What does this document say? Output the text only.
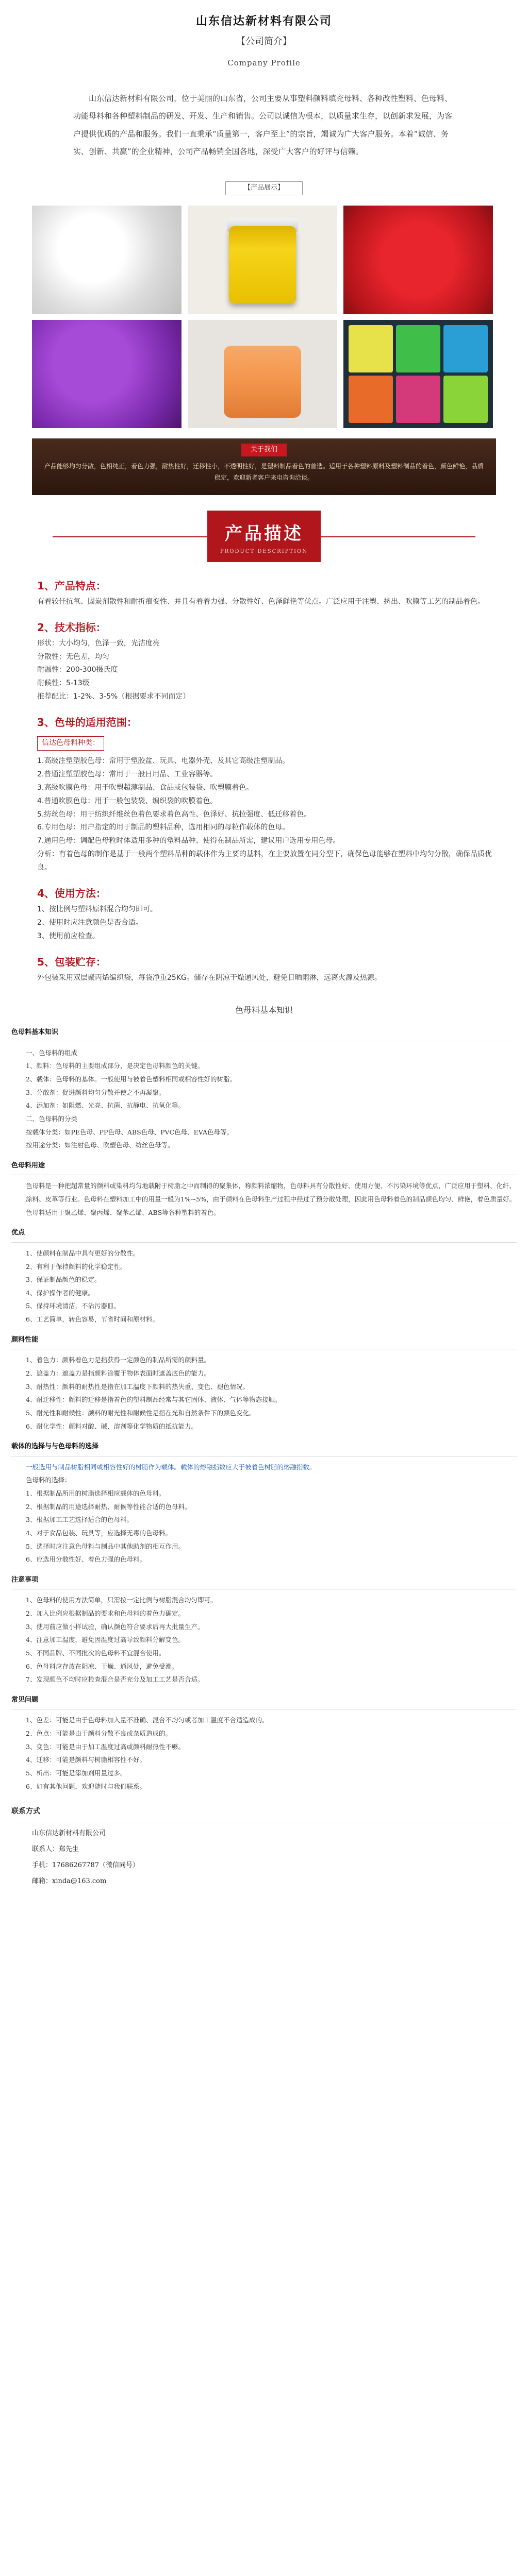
山东信达新材料有限公司
【公司简介】
Company Profile

山东信达新材料有限公司，位于美丽的山东省，公司主要从事塑料颜料填充母料、各种改性塑料、色母料、功能母料和各种塑料制品的研发、开发、生产和销售。公司以诚信为根本，以质量求生存，以创新求发展，为客户提供优质的产品和服务。我们一直秉承“质量第一，客户至上”的宗旨，竭诚为广大客户服务。本着“诚信、务实、创新、共赢”的企业精神，公司产品畅销全国各地，深受广大客户的好评与信赖。

【产品展示】
关于我们

产品能够均匀分散，色相纯正，着色力强，耐热性好，迁移性小，不透明性好，是塑料制品着色的首选。适用于各种塑料原料及塑料制品的着色，颜色鲜艳，品质稳定，欢迎新老客户来电咨询洽谈。

产品描述
PRODUCT DESCRIPTION
1、产品特点：

有着较佳抗氧、固炭剂散性和耐折痕变性、并且有着着力强、分散性好、色泽鲜艳等优点。广泛应用于注塑、挤出、吹膜等工艺的制品着色。

2、技术指标：

形状：大小均匀，色泽一致，光洁度亮

分散性：无色差，均匀

耐温性：200-300摄氏度

耐候性：5-13级

推荐配比：1-2%、3-5%（根据要求不同而定）

3、色母的适用范围：
信达色母料种类：

1.高级注塑塑胶色母：常用于塑胶盆、玩具、电器外壳、及其它高级注塑制品。

2.普通注塑塑胶色母：常用于一般日用品、工业容器等。

3.高级吹膜色母：用于吹塑超薄制品、食品或包装袋、吹塑膜着色。

4.普通吹膜色母：用于一般包装袋、编织袋的吹膜着色。

5.纺丝色母：用于纺织纤维丝色着色要求着色高性、色泽好、抗拉强度、低迁移着色。

6.专用色母：用户指定的用于制品的塑料品种，选用相同的母粒作载体的色母。

7.通用色母：调配色母粒时体适用多种的塑料品种、使得在制品所需，建议用户选用专用色母。

分析：有着色母的制作是基于一般两个塑料品种的载体作为主要的基料，在主要放置在同分型下，确保色母能够在塑料中均匀分散，确保品质优良。

4、使用方法：

1、按比例与塑料原料混合均匀即可。

2、使用时应注意颜色是否合适。

3、使用前应检查。

5、包装贮存：

外包装采用双层聚丙烯编织袋，每袋净重25KG。储存在阴凉干燥通风处，避免日晒雨淋，远离火源及热源。

色母料基本知识
色母料基本知识

一、色母料的组成

1、颜料：色母料的主要组成部分，是决定色母料颜色的关键。

2、载体：色母料的基体。一般使用与被着色塑料相同或相容性好的树脂。

3、分散剂：促进颜料均匀分散并使之不再凝聚。

4、添加剂：如阻燃、光亮、抗菌、抗静电、抗氧化等。

二、色母料的分类

按载体分类：如PE色母、PP色母、ABS色母、PVC色母、EVA色母等。

按用途分类：如注射色母、吹塑色母、纺丝色母等。

色母料用途

色母料是一种把超常量的颜料或染料均匀地载附于树脂之中而制得的聚集体，称颜料浓缩物，色母料具有分散性好、使用方便、不污染环境等优点，广泛应用于塑料、化纤、涂料、皮革等行业。色母料在塑料加工中的用量一般为1%~5%，由于颜料在色母料生产过程中经过了预分散处理，因此用色母料着色的制品颜色均匀、鲜艳，着色质量好。色母料适用于聚乙烯、聚丙烯、聚苯乙烯、ABS等各种塑料的着色。

优点

1、使颜料在制品中具有更好的分散性。

2、有利于保持颜料的化学稳定性。

3、保证制品颜色的稳定。

4、保护操作者的健康。

5、保持环境清洁，不沾污器皿。

6、工艺简单，转色容易，节省时间和原材料。

颜料性能

1、着色力：颜料着色力是指获得一定颜色的制品所需的颜料量。

2、遮盖力：遮盖力是指颜料涂覆于物体表面时遮盖底色的能力。

3、耐热性：颜料的耐热性是指在加工温度下颜料的热失重、变色、褪色情况。

4、耐迁移性：颜料的迁移是指着色的塑料制品经常与其它固体、液体、气体等物态接触。

5、耐光性和耐候性：颜料的耐光性和耐候性是指在光和自然条件下的颜色变化。

6、耐化学性：颜料对酸、碱、溶剂等化学物质的抵抗能力。

载体的选择与与色母料的选择

一般选用与制品树脂相同或相容性好的树脂作为载体。载体的熔融指数应大于被着色树脂的熔融指数。

色母料的选择：

1、根据制品所用的树脂选择相应载体的色母料。

2、根据制品的用途选择耐热、耐候等性能合适的色母料。

3、根据加工工艺选择适合的色母料。

4、对于食品包装、玩具等，应选择无毒的色母料。

5、选择时应注意色母料与制品中其他助剂的相互作用。

6、应选用分散性好、着色力强的色母料。

注意事项

1、色母料的使用方法简单，只需按一定比例与树脂混合均匀即可。

2、加入比例应根据制品的要求和色母料的着色力确定。

3、使用前应做小样试验，确认颜色符合要求后再大批量生产。

4、注意加工温度，避免因温度过高导致颜料分解变色。

5、不同品牌、不同批次的色母料不宜混合使用。

6、色母料应存放在阴凉、干燥、通风处，避免受潮。

7、发现颜色不均时应检查混合是否充分及加工工艺是否合适。

常见问题

1、色差：可能是由于色母料加入量不准确、混合不均匀或者加工温度不合适造成的。

2、色点：可能是由于颜料分散不良或杂质造成的。

3、变色：可能是由于加工温度过高或颜料耐热性不够。

4、迁移：可能是颜料与树脂相容性不好。

5、析出：可能是添加剂用量过多。

6、如有其他问题，欢迎随时与我们联系。

联系方式

山东信达新材料有限公司

联系人：郑先生

手机：17686267787（微信同号）

邮箱：xinda@163.com
